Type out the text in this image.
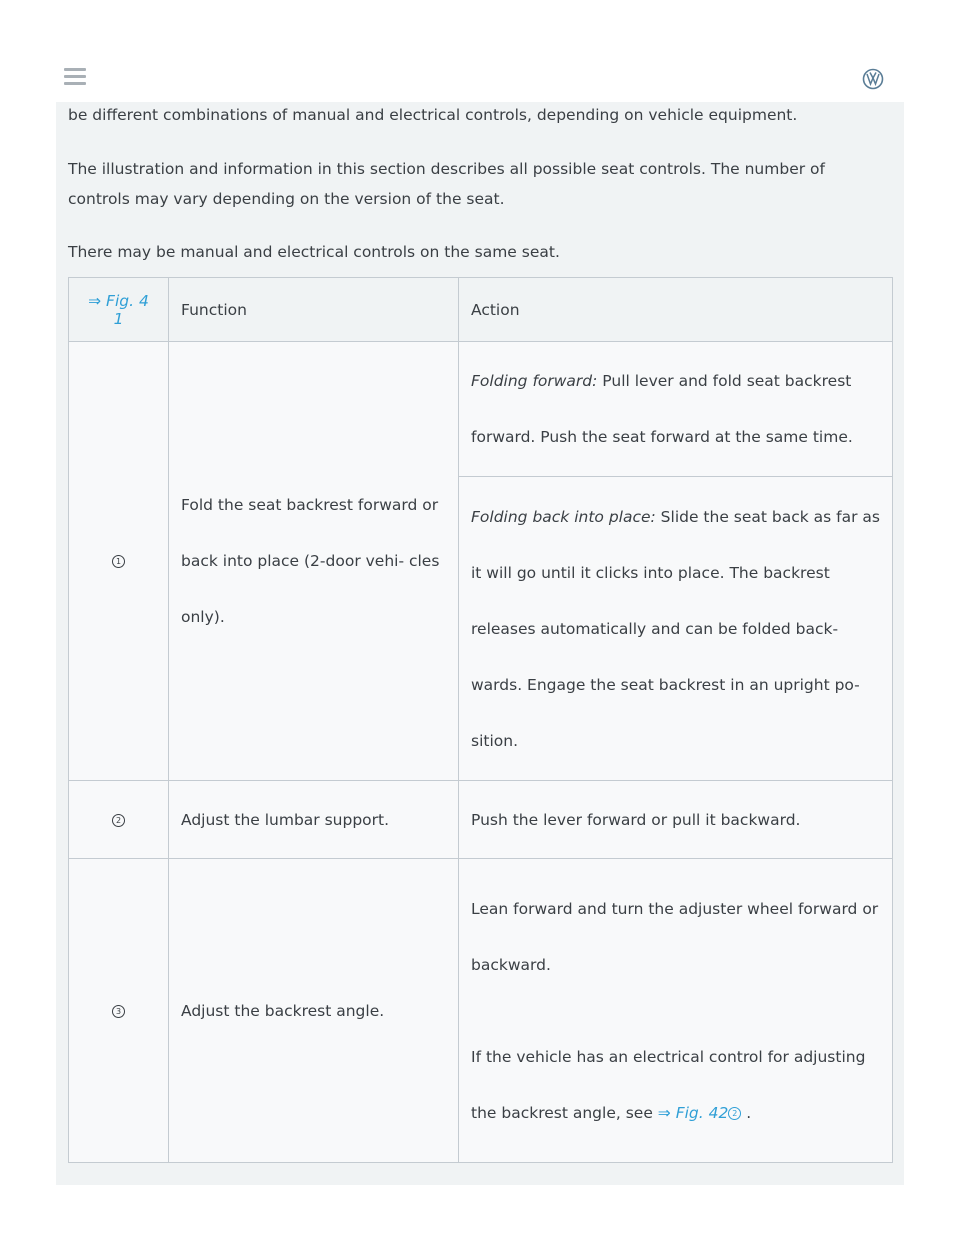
be different combinations of manual and electrical controls, depending on vehicle equipment.

The illustration and information in this section describes all possible seat controls. The number of controls may vary depending on the version of the seat.

There may be manual and electrical controls on the same seat.

⇒ Fig. 4 1	Function	Action
1	Fold the seat backrest forward or back into place (2-door vehi- cles only).	Folding forward: Pull lever and fold seat backrest forward. Push the seat forward at the same time.
		Folding back into place: Slide the seat back as far as it will go until it clicks into place. The backrest releases automatically and can be folded back- wards. Engage the seat backrest in an upright po- sition.
2	Adjust the lumbar support.	Push the lever forward or pull it backward.
3	Adjust the backrest angle.	Lean forward and turn the adjuster wheel forward or backward.
If the vehicle has an electrical control for adjusting the backrest angle, see ⇒ Fig. 42 2 .
